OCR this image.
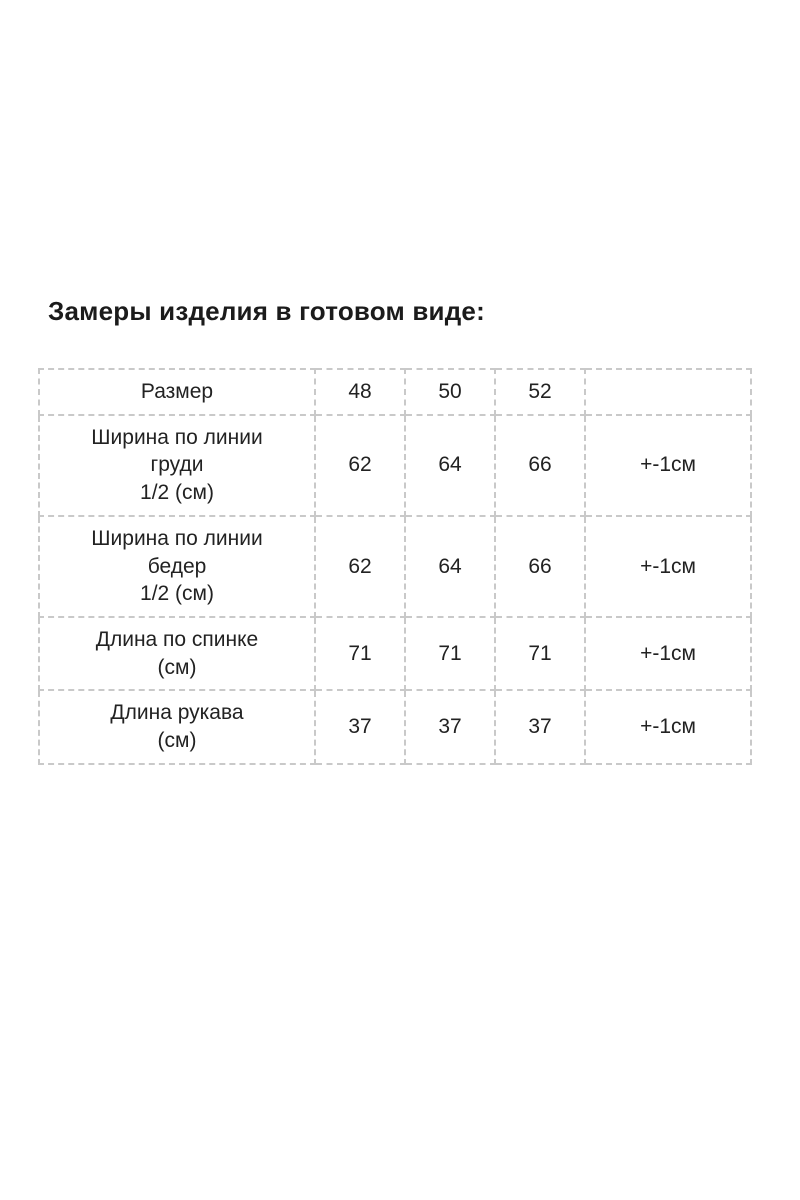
Замеры изделия в готовом виде:
Размер	48	50	52	

Ширина по линии
груди
1/2 (см)	62	64	66	+-1см

Ширина по линии
бедер
1/2 (см)	62	64	66	+-1см

Длина по спинке
(см)	71	71	71	+-1см

Длина рукава
(см)	37	37	37	+-1см
